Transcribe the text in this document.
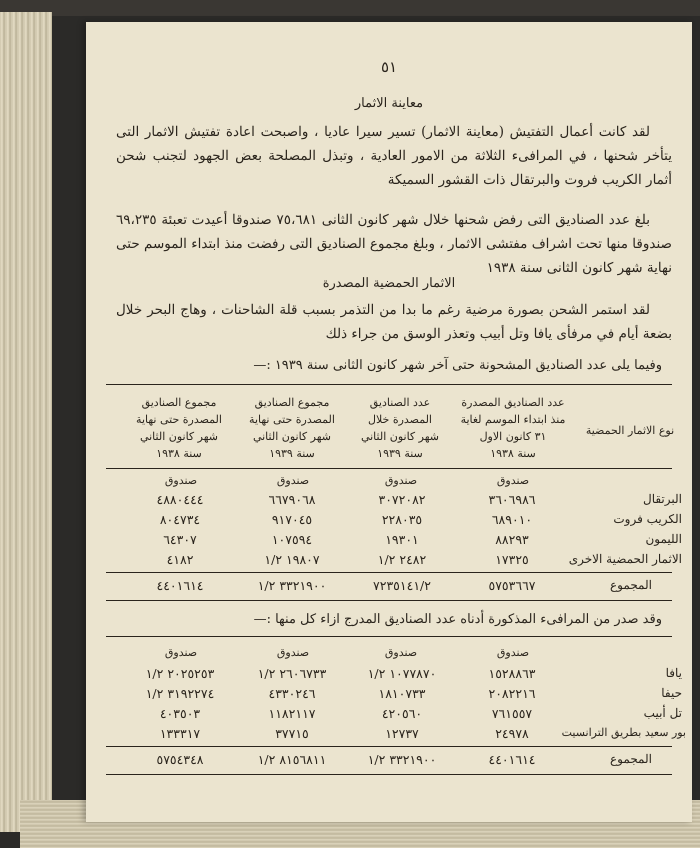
٥١
معاينة الاثمار

لقد كانت أعمال التفتيش (معاينة الاثمار) تسير سيرا عاديا ، واصبحت اعادة تفتيش الاثمار التى يتأخر شحنها ، في المرافىء الثلاثة من الامور العادية ، وتبذل المصلحة بعض الجهود لتجنب شحن أثمار الكريب فروت والبرتقال ذات القشور السميكة

بلغ عدد الصناديق التى رفض شحنها خلال شهر كانون الثانى ٧٥،٦٨١ صندوقا أعيدت تعبئة ٦٩،٢٣٥ صندوقا منها تحت اشراف مفتشى الاثمار ، وبلغ مجموع الصناديق التى رفضت منذ ابتداء الموسم حتى نهاية شهر كانون الثانى سنة ١٩٣٨

الاثمار الحمضية المصدرة

لقد استمر الشحن بصورة مرضية رغم ما بدا من التذمر بسبب قلة الشاحنات ، وهاج البحر خلال بضعة أيام في مرفأى يافا وتل أبيب وتعذر الوسق من جراء ذلك

وفيما يلى عدد الصناديق المشحونة حتى آخر شهر كانون الثانى سنة ١٩٣٩ :—
نوع الاثمار الحمضية
عدد الصناديق المصدرة
منذ ابتداء الموسم لغاية
٣١ كانون الاول
سنة ١٩٣٨
عدد الصناديق
المصدرة خلال
شهر كانون الثاني
سنة ١٩٣٩
مجموع الصناديق
المصدرة حتى نهاية
شهر كانون الثاني
سنة ١٩٣٩
مجموع الصناديق
المصدرة حتى نهاية
شهر كانون الثاني
سنة ١٩٣٨
صندوق
صندوق
صندوق
صندوق
البرتقال
٣٦٠٦٩٨٦
٣٠٧٢٠٨٢
٦٦٧٩٠٦٨
٤٨٨٠٤٤٤
الكريب فروت
٦٨٩٠١٠
٢٢٨٠٣٥
٩١٧٠٤٥
٨٠٤٧٣٤
الليمون
٨٨٢٩٣
١٩٣٠١
١٠٧٥٩٤
٦٤٣٠٧
الاثمار الحمضية الاخرى
١٧٣٢٥
٢٤٨٢ ١/٢
١٩٨٠٧ ١/٢
٤١٨٢
المجموع
٥٧٥٣٦٦٧
٧٢٣٥١٤١/٢
٣٣٢١٩٠٠ ١/٢
٤٤٠١٦١٤
وقد صدر من المرافىء المذكورة أدناه عدد الصناديق المدرج ازاء كل منها :—
صندوق
صندوق
صندوق
صندوق
يافا
١٥٢٨٨٦٣
١٠٧٧٨٧٠ ١/٢
٢٦٠٦٧٣٣ ١/٢
٢٠٢٥٢٥٣ ١/٢
حيفا
٢٠٨٢٢١٦
١٨١٠٧٣٣
٤٣٣٠٢٤٦
٣١٩٢٢٧٤ ١/٢
تل أبيب
٧٦١٥٥٧
٤٢٠٥٦٠
١١٨٢١١٧
٤٠٣٥٠٣
بور سعيد بطريق الترانسيت
٢٤٩٧٨
١٢٧٣٧
٣٧٧١٥
١٣٣٣١٧
المجموع
٤٤٠١٦١٤
٣٣٢١٩٠٠ ١/٢
٨١٥٦٨١١ ١/٢
٥٧٥٤٣٤٨
